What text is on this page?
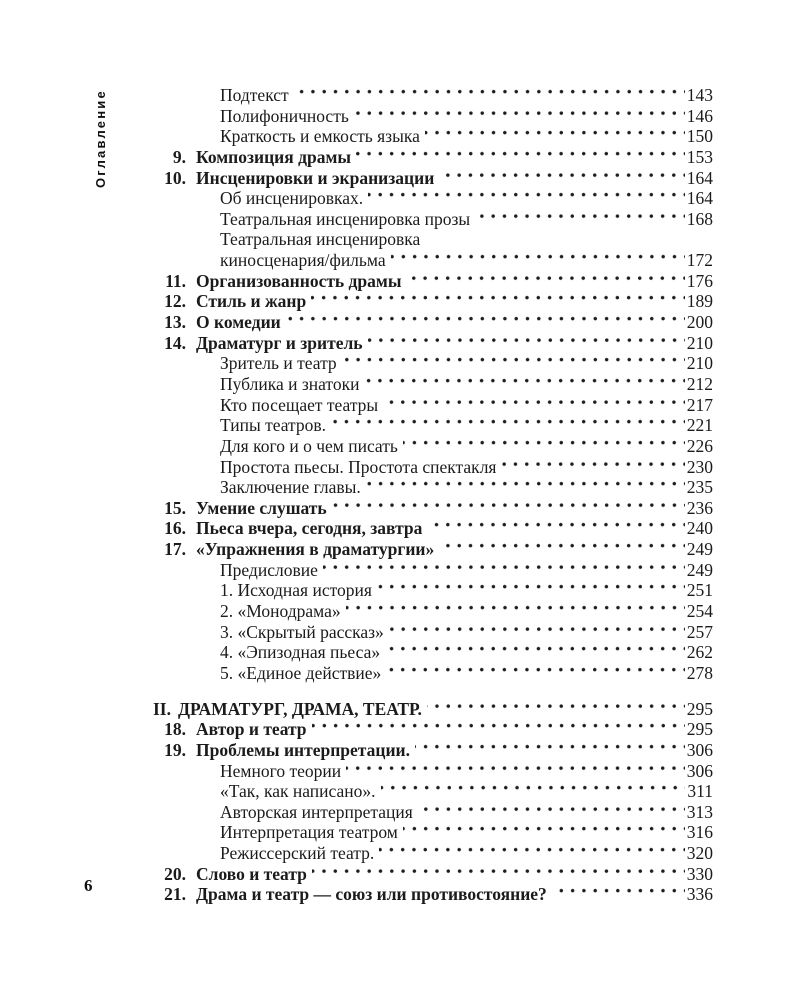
Оглавление
6
Подтекст	143
Полифоничность	146
Краткость и емкость языка	150
9. Композиция драмы	153
10. Инсценировки и экранизации	164
Об инсценировках.	164
Театральная инсценировка прозы	168
Театральная инсценировка
киносценария/фильма	172
11. Организованность драмы	176
12. Стиль и жанр	189
13. О комедии	200
14. Драматург и зритель	210
Зритель и театр	210
Публика и знатоки	212
Кто посещает театры	217
Типы театров.	221
Для кого и о чем писать	226
Простота пьесы. Простота спектакля	230
Заключение главы.	235
15. Умение слушать	236
16. Пьеса вчера, сегодня, завтра	240
17. «Упражнения в драматургии»	249
Предисловие	249
1. Исходная история	251
2. «Монодрама»	254
3. «Скрытый рассказ»	257
4. «Эпизодная пьеса»	262
5. «Единое действие»	278
II. ДРАМАТУРГ, ДРАМА, ТЕАТР.	295
18. Автор и театр	295
19. Проблемы интерпретации.	306
Немного теории	306
«Так, как написано».	311
Авторская интерпретация	313
Интерпретация театром	316
Режиссерский театр.	320
20. Слово и театр	330
21. Драма и театр — союз или противостояние?	336
